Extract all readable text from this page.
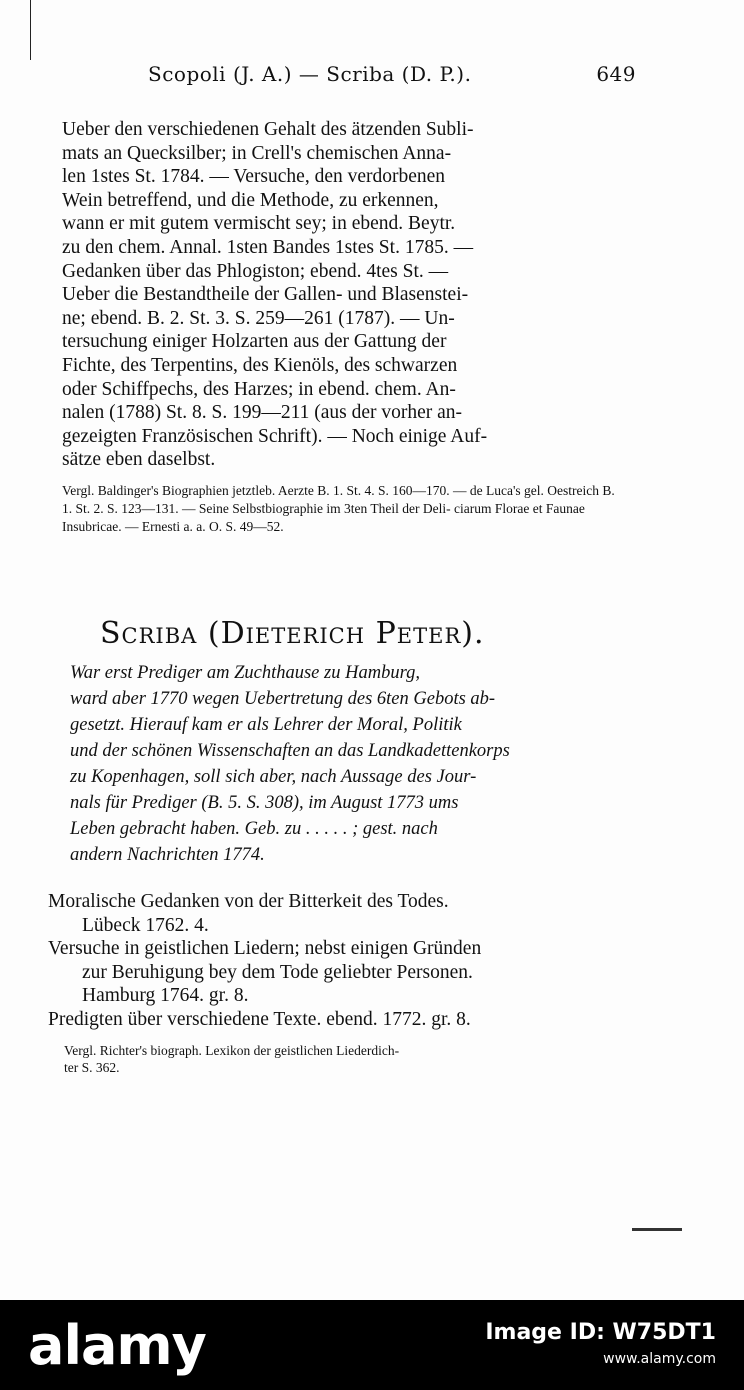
Scopoli (J. A.) — Scriba (D. P.).	649
Ueber den verschiedenen Gehalt des ätzenden Subli-
mats an Quecksilber; in Crell's chemischen Anna-
len 1stes St. 1784. — Versuche, den verdorbenen
Wein betreffend, und die Methode, zu erkennen,
wann er mit gutem vermischt sey; in ebend. Beytr.
zu den chem. Annal. 1sten Bandes 1stes St. 1785. —
Gedanken über das Phlogiston; ebend. 4tes St. —
Ueber die Bestandtheile der Gallen- und Blasenstei-
ne; ebend. B. 2. St. 3. S. 259—261 (1787). — Un-
tersuchung einiger Holzarten aus der Gattung der
Fichte, des Terpentins, des Kienöls, des schwarzen
oder Schiffpechs, des Harzes; in ebend. chem. An-
nalen (1788) St. 8. S. 199—211 (aus der vorher an-
gezeigten Französischen Schrift). — Noch einige Auf-
sätze eben daselbst.
Vergl. Baldinger's Biographien jetztleb. Aerzte B. 1. St. 4. S. 160—170. — de Luca's gel. Oestreich B. 1. St. 2. S. 123—131. — Seine Selbstbiographie im 3ten Theil der Deli- ciarum Florae et Faunae Insubricae. — Ernesti a. a. O. S. 49—52.
Scriba (Dieterich Peter).
War erst Prediger am Zuchthause zu Hamburg,
ward aber 1770 wegen Uebertretung des 6ten Gebots ab-
gesetzt. Hierauf kam er als Lehrer der Moral, Politik
und der schönen Wissenschaften an das Landkadettenkorps
zu Kopenhagen, soll sich aber, nach Aussage des Jour-
nals für Prediger (B. 5. S. 308), im August 1773 ums
Leben gebracht haben. Geb. zu . . . . . ; gest. nach
andern Nachrichten 1774.
Moralische Gedanken von der Bitterkeit des Todes.
Lübeck 1762. 4.
Versuche in geistlichen Liedern; nebst einigen Gründen
zur Beruhigung bey dem Tode geliebter Personen.
Hamburg 1764. gr. 8.
Predigten über verschiedene Texte. ebend. 1772. gr. 8.
Vergl. Richter's biograph. Lexikon der geistlichen Liederdich-
ter S. 362.
alamy	Image ID: W75DT1
www.alamy.com
